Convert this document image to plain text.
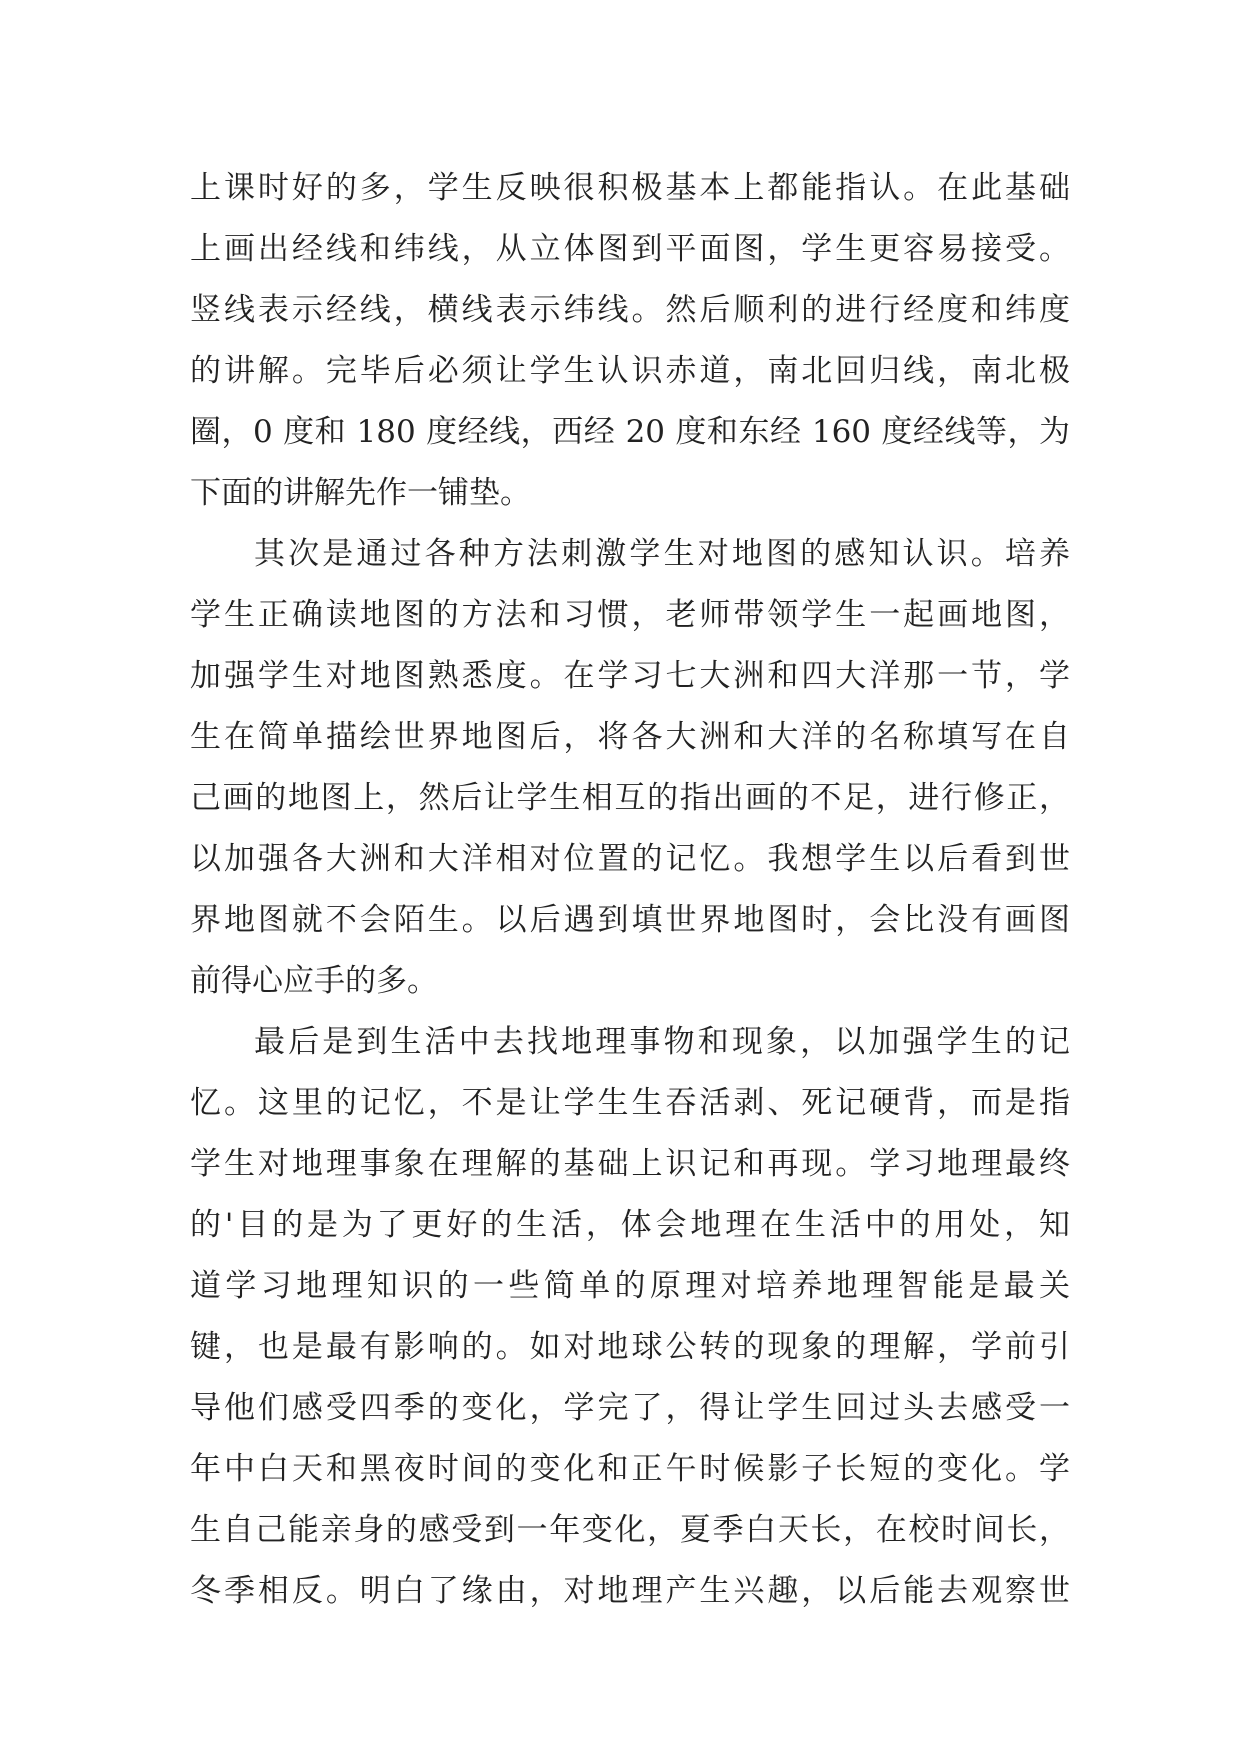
上课时好的多，学生反映很积极基本上都能指认。在此基础
上画出经线和纬线，从立体图到平面图，学生更容易接受。
竖线表示经线，横线表示纬线。然后顺利的进行经度和纬度
的讲解。完毕后必须让学生认识赤道，南北回归线，南北极
圈，0 度和 180 度经线，西经 20 度和东经 160 度经线等，为
下面的讲解先作一铺垫。
其次是通过各种方法刺激学生对地图的感知认识。培养
学生正确读地图的方法和习惯，老师带领学生一起画地图，
加强学生对地图熟悉度。在学习七大洲和四大洋那一节，学
生在简单描绘世界地图后，将各大洲和大洋的名称填写在自
己画的地图上，然后让学生相互的指出画的不足，进行修正，
以加强各大洲和大洋相对位置的记忆。我想学生以后看到世
界地图就不会陌生。以后遇到填世界地图时，会比没有画图
前得心应手的多。
最后是到生活中去找地理事物和现象，以加强学生的记
忆。这里的记忆，不是让学生生吞活剥、死记硬背，而是指
学生对地理事象在理解的基础上识记和再现。学习地理最终
的'目的是为了更好的生活，体会地理在生活中的用处，知
道学习地理知识的一些简单的原理对培养地理智能是最关
键，也是最有影响的。如对地球公转的现象的理解，学前引
导他们感受四季的变化，学完了，得让学生回过头去感受一
年中白天和黑夜时间的变化和正午时候影子长短的变化。学
生自己能亲身的感受到一年变化，夏季白天长，在校时间长，
冬季相反。明白了缘由，对地理产生兴趣，以后能去观察世
